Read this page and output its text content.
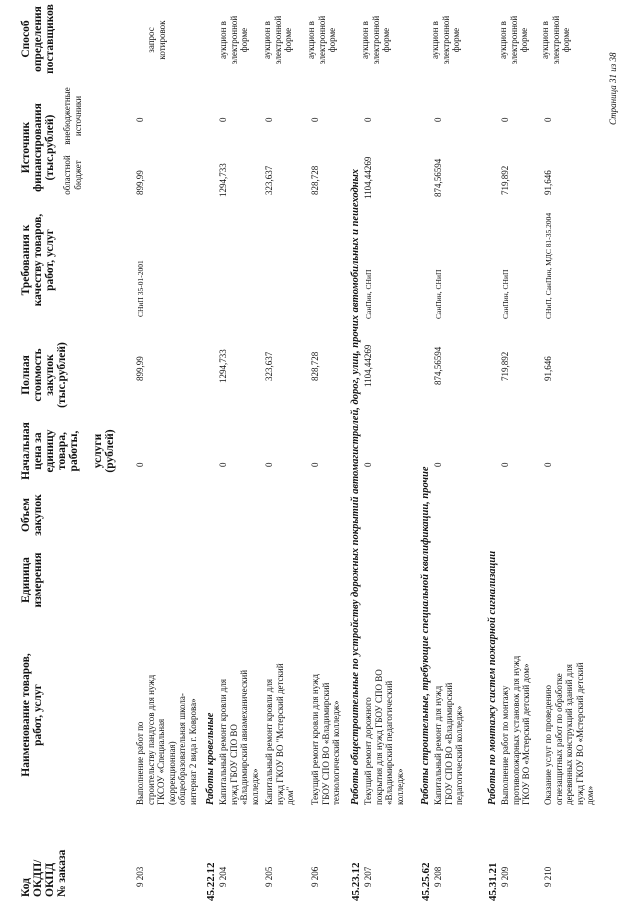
Код ОКДП/ ОКПД № заказа
Наименование товаров, работ, услуг
Единица измерения
Объем закупок
Начальная цена за единицу товара, работы,
услуги (рублей)
Полная стоимость закупок (тыс.рублей)
Требования к качеству товаров, работ, услуг
Источник финансирования (тыс.рублей) областной бюджет
внебюджетные источники
Способ определения поставщиков
9 203
Выполнение работ по строительству пандусов для нужд ГКСОУ «Специальная (коррекционная) общеобразовательная школа-интернат 2 вида г. Коврова»
0
899,99
СНиП 35-01-2001
899,99
0
запрос котировок
45.22.12
Работы кровельные
9 204
Капитальный ремонт кровли для нужд ГБОУ СПО ВО «Владимирский авиамеханический колледж»
0
1294,733
1294,733
0
аукцион в электронной форме
9 205
Капитальный ремонт кровли для нужд ГКОУ ВО "Мстерский детский дом"
0
323,637
323,637
0
аукцион в электронной форме
9 206
Текущий ремонт кровли для нужд ГБОУ СПО ВО «Владимирский технологический колледж»
0
828,728
828,728
0
аукцион в электронной форме
45.23.12
Работы общестроительные по устройству дорожных покрытий автомагистралей, дорог, улиц, прочих автомобильных и пешеходных
9 207
Текущий ремонт дорожного покрытия для нужд ГБОУ СПО ВО «Владимирский педагогический колледж»
0
1104,44269
СанПин, СНиП
1104,44269
0
аукцион в электронной форме
45.25.62
Работы строительные, требующие специальной квалификации, прочие
9 208
Капитальный ремонт для нужд ГБОУ СПО ВО «Владимирский педагогический колледж»
0
874,56594
СанПин, СНиП
874,56594
0
аукцион в электронной форме
45.31.21
Работы по монтажу систем пожарной сигнализации
9 209
Выполнение работ по монтажу противопожарных установок для нужд ГКОУ ВО «Мстерский детский дом»
0
719,892
СанПин, СНиП
719,892
0
аукцион в электронной форме
9 210
Оказание услуг по проведению огнезащитных работ по обработке деревянных конструкций зданий для нужд ГКОУ ВО «Мстерский детский дом»
0
91,646
СНиП, СанПин, МДС 81-35.2004
91,646
0
аукцион в электронной форме
Страница 31 из 38
